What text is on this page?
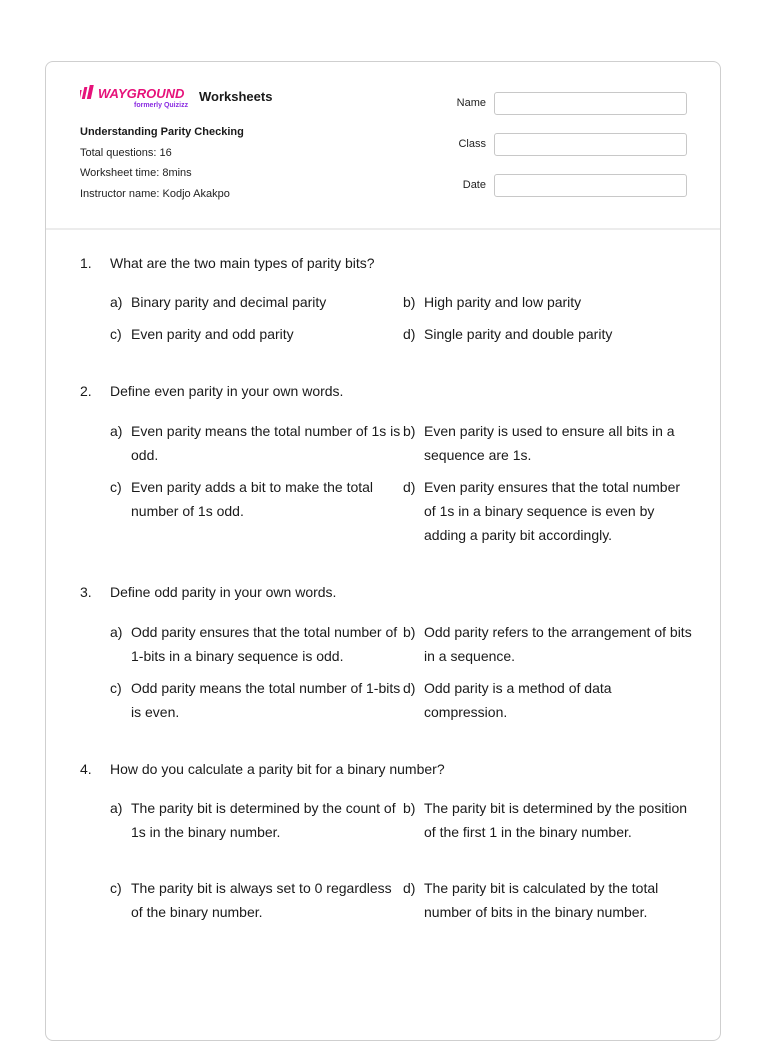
WAYGROUND
formerly Quizizz
Worksheets
Understanding Parity Checking
Total questions: 16
Worksheet time: 8mins
Instructor name: Kodjo Akakpo
Name
Class
Date
1. What are the two main types of parity bits?
a) Binary parity and decimal parity	b) High parity and low parity
c) Even parity and odd parity	d) Single parity and double parity
2. Define even parity in your own words.
a) Even parity means the total number of 1s is odd.
b) Even parity is used to ensure all bits in a sequence are 1s.
c) Even parity adds a bit to make the total number of 1s odd.
d) Even parity ensures that the total number of 1s in a binary sequence is even by adding a parity bit accordingly.
3. Define odd parity in your own words.
a) Odd parity ensures that the total number of 1-bits in a binary sequence is odd.
b) Odd parity refers to the arrangement of bits in a sequence.
c) Odd parity means the total number of 1-bits is even.
d) Odd parity is a method of data compression.
4. How do you calculate a parity bit for a binary number?
a) The parity bit is determined by the count of 1s in the binary number.
b) The parity bit is determined by the position of the first 1 in the binary number.
c) The parity bit is always set to 0 regardless of the binary number.
d) The parity bit is calculated by the total number of bits in the binary number.
